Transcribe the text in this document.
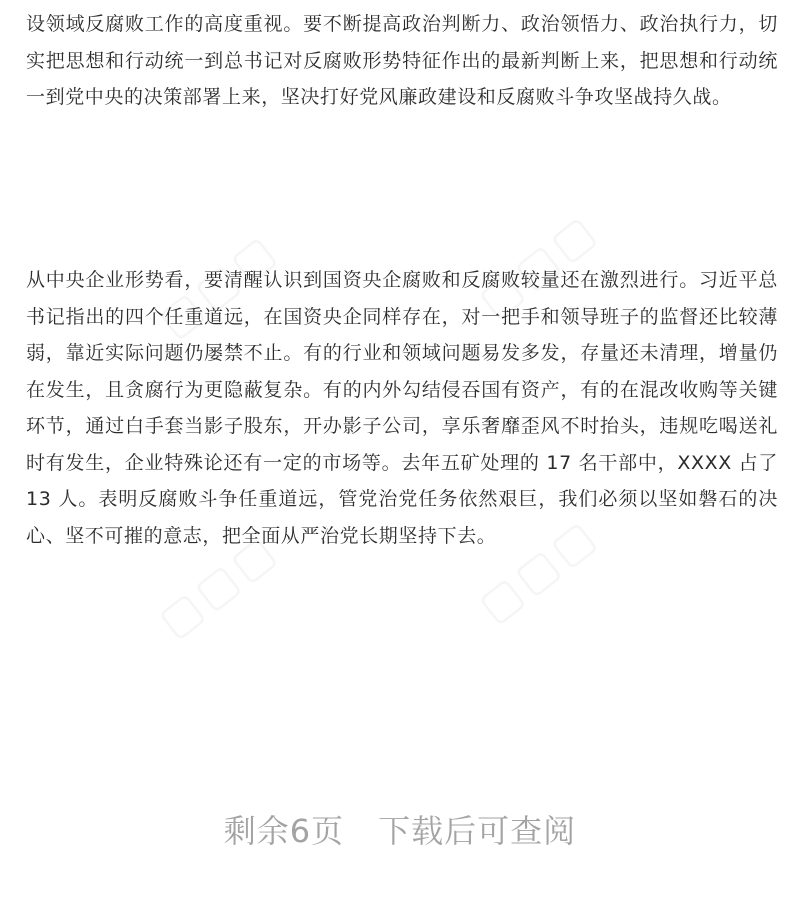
▢▢▢	▢▢▢
▢▢▢	▢▢▢

设领域反腐败工作的高度重视。要不断提高政治判断力、政治领悟力、政治执行力，切实把思想和行动统一到总书记对反腐败形势特征作出的最新判断上来，把思想和行动统一到党中央的决策部署上来，坚决打好党风廉政建设和反腐败斗争攻坚战持久战。

从中央企业形势看，要清醒认识到国资央企腐败和反腐败较量还在激烈进行。习近平总书记指出的四个任重道远，在国资央企同样存在，对一把手和领导班子的监督还比较薄弱，靠近实际问题仍屡禁不止。有的行业和领域问题易发多发，存量还未清理，增量仍在发生，且贪腐行为更隐蔽复杂。有的内外勾结侵吞国有资产，有的在混改收购等关键环节，通过白手套当影子股东，开办影子公司，享乐奢靡歪风不时抬头，违规吃喝送礼时有发生，企业特殊论还有一定的市场等。去年五矿处理的 17 名干部中，XXXX 占了 13 人。表明反腐败斗争任重道远，管党治党任务依然艰巨，我们必须以坚如磐石的决心、坚不可摧的意志，把全面从严治党长期坚持下去。

剩余6页 下载后可查阅
